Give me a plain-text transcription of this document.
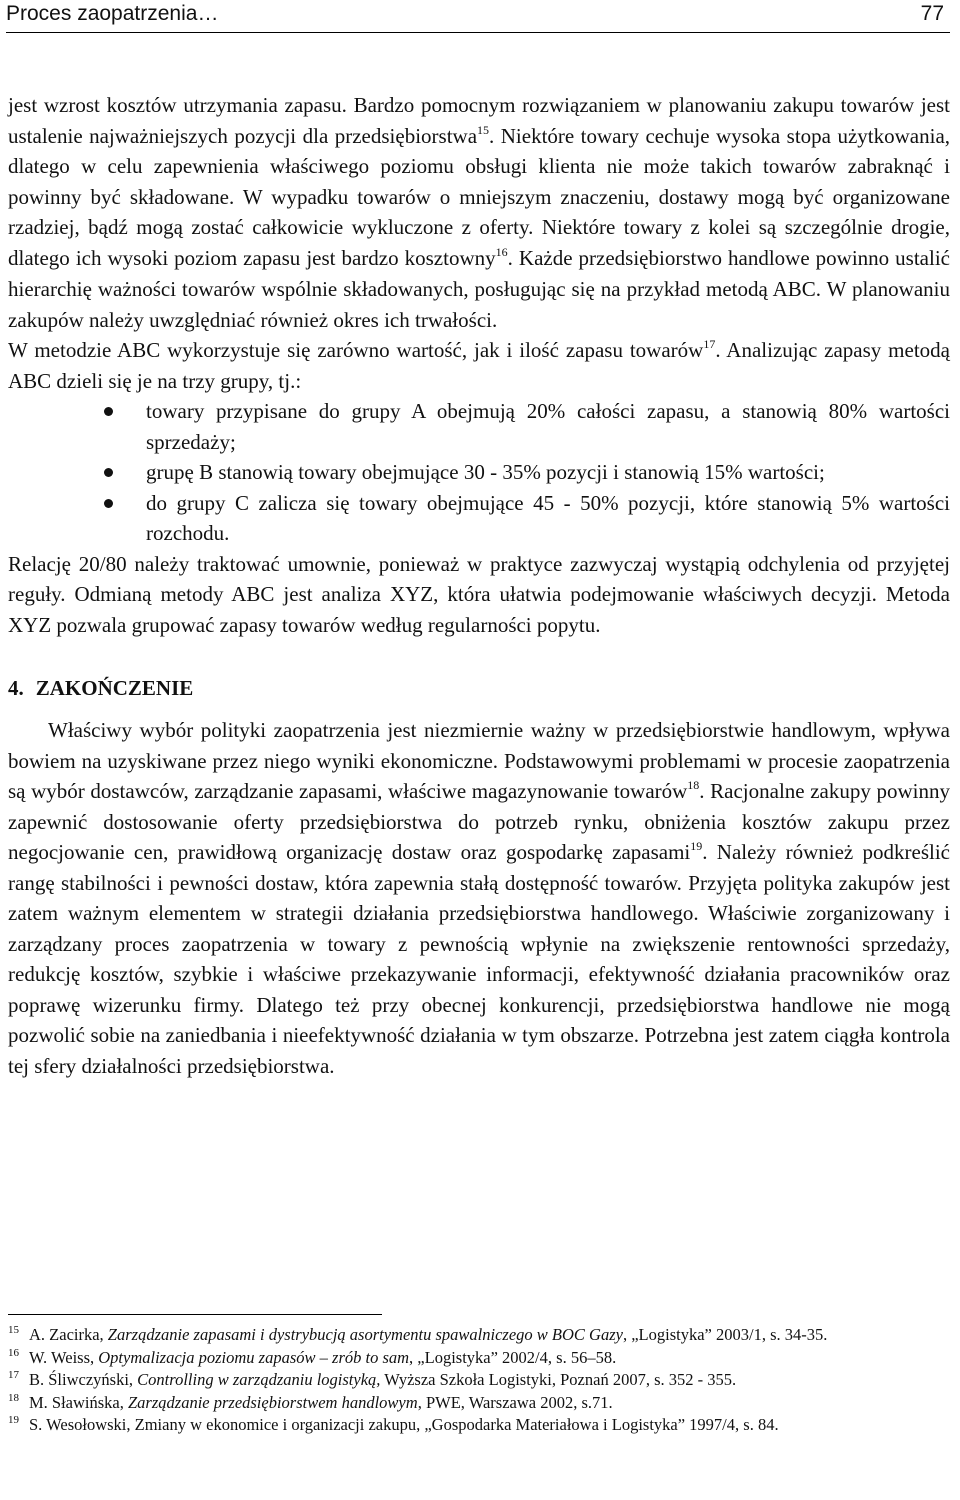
Proces zaopatrzenia…	77

jest wzrost kosztów utrzymania zapasu. Bardzo pomocnym rozwiązaniem w planowaniu zakupu towarów jest ustalenie najważniejszych pozycji dla przedsiębiorstwa$^{15}$. Niektóre towary cechuje wysoka stopa użytkowania, dlatego w celu zapewnienia właściwego poziomu obsługi klienta nie może takich towarów zabraknąć i powinny być składowane. W wypadku towarów o mniejszym znaczeniu, dostawy mogą być organizowane rzadziej, bądź mogą zostać całkowicie wykluczone z oferty. Niektóre towary z kolei są szczególnie drogie, dlatego ich wysoki poziom zapasu jest bardzo kosztowny$^{16}$. Każde przedsiębiorstwo handlowe powinno ustalić hierarchię ważności towarów wspólnie składowanych, posługując się na przykład metodą ABC. W planowaniu zakupów należy uwzględniać również okres ich trwałości.

W metodzie ABC wykorzystuje się zarówno wartość, jak i ilość zapasu towarów$^{17}$. Analizując zapasy metodą ABC dzieli się je na trzy grupy, tj.:

towary przypisane do grupy A obejmują 20% całości zapasu, a stanowią 80% wartości sprzedaży;
grupę B stanowią towary obejmujące 30 - 35% pozycji i stanowią 15% wartości;
do grupy C zalicza się towary obejmujące 45 - 50% pozycji, które stanowią 5% wartości rozchodu.

Relację 20/80 należy traktować umownie, ponieważ w praktyce zazwyczaj wystąpią odchylenia od przyjętej reguły. Odmianą metody ABC jest analiza XYZ, która ułatwia podejmowanie właściwych decyzji. Metoda XYZ pozwala grupować zapasy towarów według regularności popytu.

4. ZAKOŃCZENIE

Właściwy wybór polityki zaopatrzenia jest niezmiernie ważny w przedsiębiorstwie handlowym, wpływa bowiem na uzyskiwane przez niego wyniki ekonomiczne. Podstawowymi problemami w procesie zaopatrzenia są wybór dostawców, zarządzanie zapasami, właściwe magazynowanie towarów$^{18}$. Racjonalne zakupy powinny zapewnić dostosowanie oferty przedsiębiorstwa do potrzeb rynku, obniżenia kosztów zakupu przez negocjowanie cen, prawidłową organizację dostaw oraz gospodarkę zapasami$^{19}$. Należy również podkreślić rangę stabilności i pewności dostaw, która zapewnia stałą dostępność towarów. Przyjęta polityka zakupów jest zatem ważnym elementem w strategii działania przedsiębiorstwa handlowego. Właściwie zorganizowany i zarządzany proces zaopatrzenia w towary z pewnością wpłynie na zwiększenie rentowności sprzedaży, redukcję kosztów, szybkie i właściwe przekazywanie informacji, efektywność działania pracowników oraz poprawę wizerunku firmy. Dlatego też przy obecnej konkurencji, przedsiębiorstwa handlowe nie mogą pozwolić sobie na zaniedbania i nieefektywność działania w tym obszarze. Potrzebna jest zatem ciągła kontrola tej sfery działalności przedsiębiorstwa.

$^{15}$ A. Zacirka, Zarządzanie zapasami i dystrybucją asortymentu spawalniczego w BOC Gazy, „Logistyka” 2003/1, s. 34-35.

$^{16}$ W. Weiss, Optymalizacja poziomu zapasów – zrób to sam, „Logistyka” 2002/4, s. 56–58.

$^{17}$ B. Śliwczyński, Controlling w zarządzaniu logistyką, Wyższa Szkoła Logistyki, Poznań 2007, s. 352 - 355.

$^{18}$ M. Sławińska, Zarządzanie przedsiębiorstwem handlowym, PWE, Warszawa 2002, s.71.

$^{19}$ S. Wesołowski, Zmiany w ekonomice i organizacji zakupu, „Gospodarka Materiałowa i Logistyka” 1997/4, s. 84.
